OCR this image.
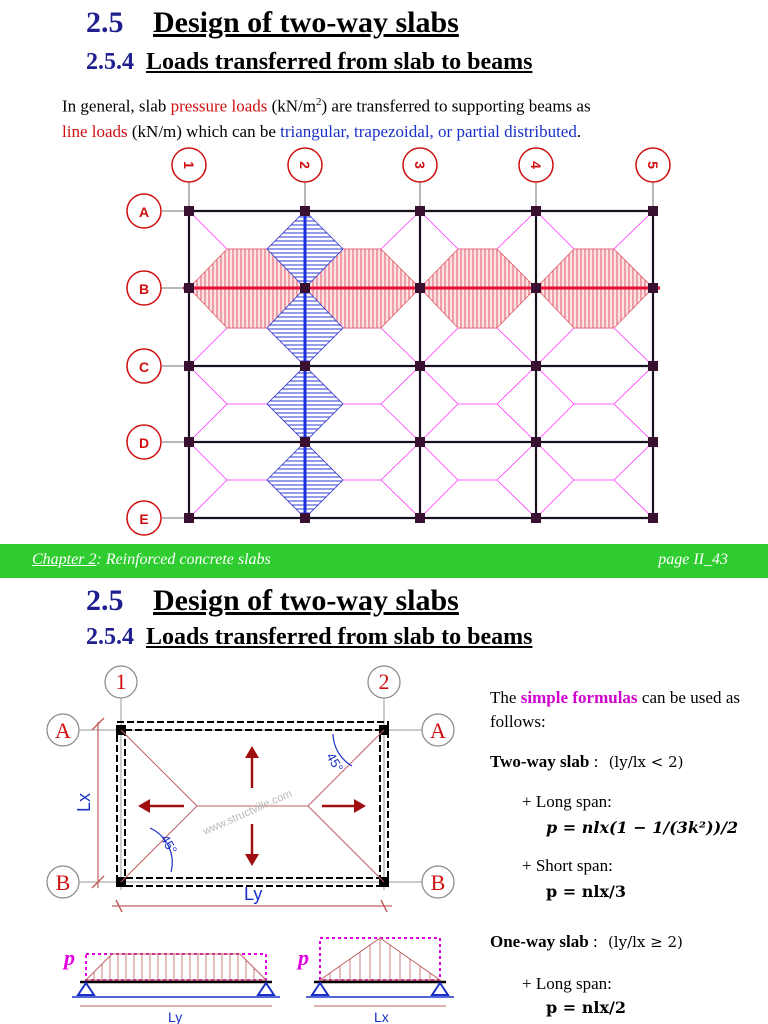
2.5 Design of two-way slabs
2.5.4 Loads transferred from slab to beams
In general, slab pressure loads $(kN/m^2)$ are transferred to supporting beams as
line loads (kN/m) which can be triangular, trapezoidal, or partial distributed.
1	2	3	4	5
A
B
C
D
E
Chapter 2: Reinforced concrete slabs	page II_43
2.5 Design of two-way slabs
2.5.4 Loads transferred from slab to beams
1	2
A
B
A
B
45°
45°
www.structville.com
Lx
Ly
p
Ly
p
Lx
The simple formulas can be used as follows:
Two-way slab : (ly/lx < 2)
+ Long span:
p = nlx(1 − 1/(3k²))/2
+ Short span:
p = nlx/3
One-way slab : (ly/lx ≥ 2)
+ Long span:
p = nlx/2
